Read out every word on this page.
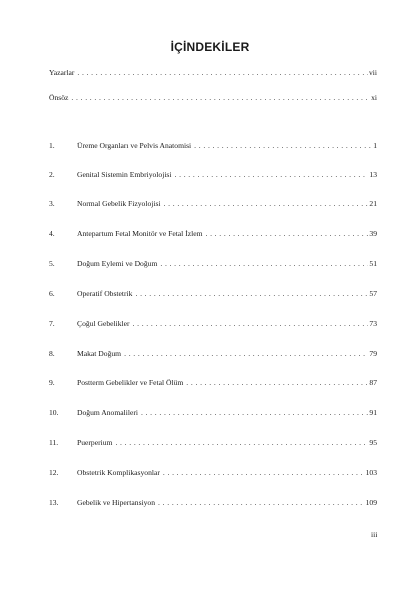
İÇİNDEKİLER
Yazarlar . . .	vii
Önsöz . . .	xi
1.	Üreme Organları ve Pelvis Anatomisi . . .	1
2.	Genital Sistemin Embriyolojisi . . .	13
3.	Normal Gebelik Fizyolojisi . . .	21
4.	Antepartum Fetal Monitör ve Fetal İzlem . . .	39
5.	Doğum Eylemi ve Doğum . . .	51
6.	Operatif Obstetrik . . .	57
7.	Çoğul Gebelikler . . .	73
8.	Makat Doğum . . .	79
9.	Postterm Gebelikler ve Fetal Ölüm . . .	87
10.	Doğum Anomalileri . . .	91
11.	Puerperium . . .	95
12.	Obstetrik Komplikasyonlar . . .	103
13.	Gebelik ve Hipertansiyon . . .	109
iii
